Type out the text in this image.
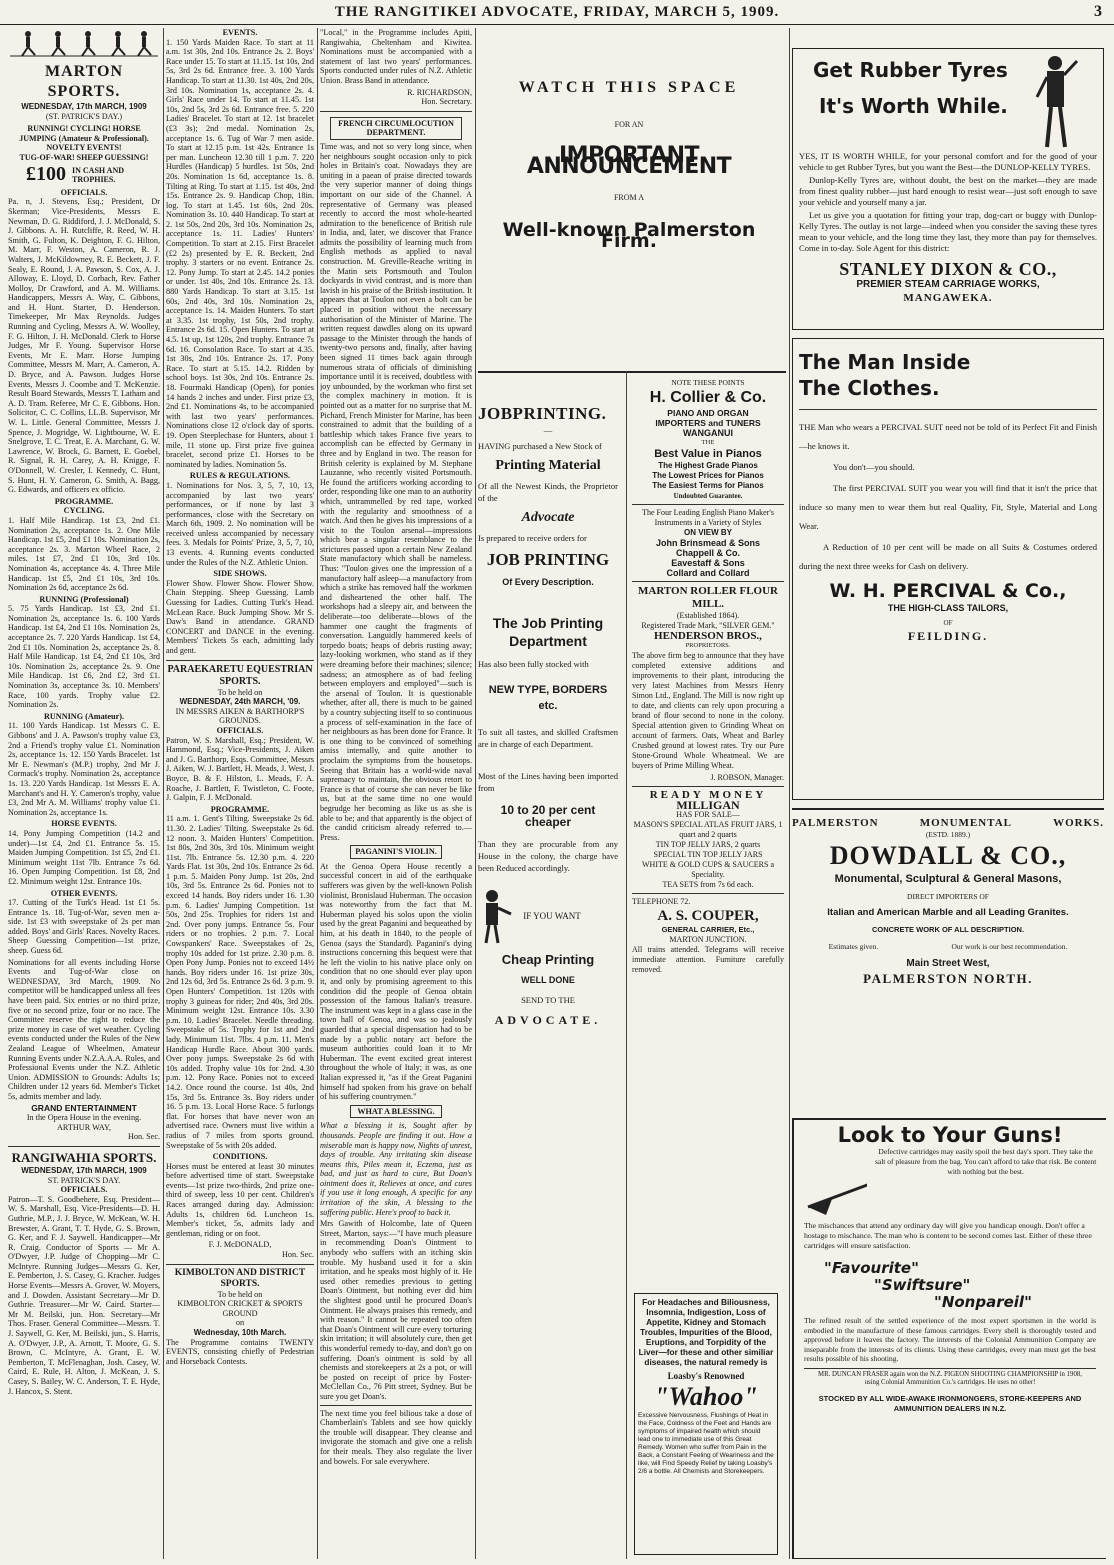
THE RANGITIKEI ADVOCATE, FRIDAY, MARCH 5, 1909.	3
MARTON SPORTS.
WEDNESDAY, 17th MARCH, 1909
(ST. PATRICK'S DAY.)
RUNNING! CYCLING! HORSE JUMPING (Amateur & Professional).
NOVELTY EVENTS!
TUG-OF-WAR! SHEEP GUESSING!
£100 IN CASH AND TROPHIES.
OFFICIALS.

Pa. n, J. Stevens, Esq.; President, Dr Skerman; Vice-Presidents, Messrs E. Newman, D. G. Riddiford, J. J. McDonald, S. J. Gibbons. A. H. Rutcliffe, R. Reed, W. H. Smith, G. Fulton, K. Deighton, F. G. Hilton, M. Marr, F. Weston, A. Cameron, R. J. Walters, J. McKildowney, R. E. Beckett, J. F. Sealy, E. Round, J. A. Pawson, S. Cox, A. J. Alloway, E. Lloyd, D. Corbach, Rev. Father Molloy, Dr Crawford, and A. M. Williams. Handicappers, Messrs A. Way, C. Gibbons, and H. Hunt. Starter, D. Henderson. Timekeeper, Mr Max Reynolds. Judges Running and Cycling, Messrs A. W. Woolley, F. G. Hilton, J. H. McDonald. Clerk to Horse Judges, Mr F. Young. Supervisor Horse Events, Mr E. Marr. Horse Jumping Committee, Messrs M. Marr, A. Cameron, A. D. Bryce, and A. Pawson. Judges Horse Events, Messrs J. Coombe and T. McKenzie. Result Board Stewards, Messrs T. Latham and A. D. Tram. Referee, Mr C. E. Gibbons. Hon. Solicitor, C. C. Collins, LL.B. Supervisor, Mr W. L. Little. General Committee, Messrs J. Spence, J. Mogridge, W. Lightbourne, W. E. Snelgrove, T. C. Treat, E. A. Marchant, G. W. Lawrence, W. Brock, G. Barnett, E. Goebel, R. Signal, R. H. Carey, A. H. Knigge, F. O'Donnell, W. Cresler, I. Kennedy, C. Hunt, S. Hunt, H. Y. Cameron, G. Smith, A. Bagg, G. Edwards, and officers ex officio.

PROGRAMME.
CYCLING.

1. Half Mile Handicap. 1st £3, 2nd £1. Nomination 2s, acceptance 1s. 2. One Mile Handicap. 1st £5, 2nd £1 10s. Nomination 2s, acceptance 2s. 3. Marton Wheel Race, 2 miles. 1st £7, 2nd £1 10s, 3rd 10s. Nomination 4s, acceptance 4s. 4. Three Mile Handicap. 1st £5, 2nd £1 10s, 3rd 10s. Nomination 2s 6d, acceptance 2s 6d.

RUNNING (Professional)

5. 75 Yards Handicap. 1st £3, 2nd £1. Nomination 2s, acceptance 1s. 6. 100 Yards Handicap. 1st £4, 2nd £1 10s. Nomination 2s, acceptance 2s. 7. 220 Yards Handicap. 1st £4, 2nd £1 10s. Nomination 2s, acceptance 2s. 8. Half Mile Handicap. 1st £4, 2nd £1 10s, 3rd 10s. Nomination 2s, acceptance 2s. 9. One Mile Handicap. 1st £6, 2nd £2, 3rd £1. Nomination 3s, acceptance 3s. 10. Members' Race, 100 yards. Trophy value £2. Nomination 2s.

RUNNING (Amateur).

11. 100 Yards Handicap. 1st Messrs C. E. Gibbons' and J. A. Pawson's trophy value £3, 2nd a Friend's trophy value £1. Nomination 2s, acceptance 1s. 12. 150 Yards Bracelet. 1st Mr E. Newman's (M.P.) trophy, 2nd Mr J. Cormack's trophy. Nomination 2s, acceptance 1s. 13. 220 Yards Handicap. 1st Messrs E. A. Marchant's and H. Y. Cameron's trophy, value £3, 2nd Mr A. M. Williams' trophy value £1. Nomination 2s, acceptance 1s.

HORSE EVENTS.

14. Pony Jumping Competition (14.2 and under)—1st £4, 2nd £1. Entrance 5s. 15. Maiden Jumping Competition. 1st £5, 2nd £1. Minimum weight 11st 7lb. Entrance 7s 6d. 16. Open Jumping Competition. 1st £8, 2nd £2. Minimum weight 12st. Entrance 10s.

OTHER EVENTS.

17. Cutting of the Turk's Head. 1st £1 5s. Entrance 1s. 18. Tug-of-War, seven men a-side. 1st £3 with sweepstake of 2s per man added. Boys' and Girls' Races. Novelty Races. Sheep Guessing Competition—1st prize, sheep. Guess 6d.

Nominations for all events including Horse Events and Tug-of-War close on WEDNESDAY, 3rd March, 1909. No competitor will be handicapped unless all fees have been paid. Six entries or no third prize, five or no second prize, four or no race. The Committee reserve the right to reduce the prize money in case of wet weather. Cycling events conducted under the Rules of the New Zealand League of Wheelmen, Amateur Running Events under N.Z.A.A.A. Rules, and Professional Events under the N.Z. Athletic Union. ADMISSION to Grounds: Adults 1s; Children under 12 years 6d. Member's Ticket 5s, admits member and lady.

GRAND ENTERTAINMENT
In the Opera House in the evening.
ARTHUR WAY,
Hon. Sec.
RANGIWAHIA SPORTS.
WEDNESDAY, 17th MARCH, 1909
ST. PATRICK'S DAY.
OFFICIALS.

Patron—T. S. Goodbehere, Esq. President—W. S. Marshall, Esq. Vice-Presidents—D. H. Guthrie, M.P., J. J. Bryce, W. McKean, W. H. Brewster, A. Grant, T. T. Hyde, G. S. Brown, G. Ker, and F. J. Saywell. Handicapper—Mr R. Craig. Conductor of Sports — Mr A. O'Dwyer, J.P. Judge of Chopping—Mr C. McIntyre. Running Judges—Messrs G. Ker, E. Pemberton, J. S. Casey, G. Kracher. Judges Horse Events—Messrs A. Grover, W. Moyers, and J. Dowden. Assistant Secretary—Mr D. Guthrie. Treasurer—Mr W. Caird. Starter—Mr M. Beilski, jun. Hon. Secretary—Mr Thos. Fraser. General Committee—Messrs. T. J. Saywell, G. Ker, M. Beilski, jun., S. Harris, A. O'Dwyer, J.P., A. Arnott, T. Moore, G. S. Brown, C. McIntyre, A. Grant, E. W. Pemberton, T. McFlenaghan, Josh. Casey, W. Caird, E. Rule, H. Alton, J. McKean, J. S. Casey, S. Bailey, W. C. Anderson, T. E. Hyde, J. Hancox, S. Stent.

EVENTS.

1. 150 Yards Maiden Race. To start at 11 a.m. 1st 30s, 2nd 10s. Entrance 2s. 2. Boys' Race under 15. To start at 11.15. 1st 10s, 2nd 5s, 3rd 2s 6d. Entrance free. 3. 100 Yards Handicap. To start at 11.30. 1st 40s, 2nd 20s, 3rd 10s. Nomination 1s, acceptance 2s. 4. Girls' Race under 14. To start at 11.45. 1st 10s, 2nd 5s, 3rd 2s 6d. Entrance free. 5. 220 Ladies' Bracelet. To start at 12. 1st bracelet (£3 3s); 2nd medal. Nomination 2s, acceptance 1s. 6. Tug of War 7 men aside. To start at 12.15 p.m. 1st 42s. Entrance 1s per man. Luncheon 12.30 till 1 p.m. 7. 220 Hurdles (Handicap) 5 hurdles. 1st 50s, 2nd 20s. Nomination 1s 6d, acceptance 1s. 8. Tilting at Ring. To start at 1.15. 1st 40s, 2nd 15s. Entrance 2s. 9. Handicap Chop, 18in. log. To start at 1.45. 1st 60s, 2nd 20s. Nomination 3s. 10. 440 Handicap. To start at 2. 1st 50s, 2nd 20s, 3rd 10s. Nomination 2s, acceptance 1s. 11. Ladies' Hunters' Competition. To start at 2.15. First Bracelet (£2 2s) presented by E. R. Beckett, 2nd trophy. 3 starters or no event. Entrance 2s. 12. Pony Jump. To start at 2.45. 14.2 ponies or under. 1st 40s, 2nd 10s. Entrance 2s. 13. 880 Yards Handicap. To start at 3.15. 1st 60s, 2nd 40s, 3rd 10s. Nomination 2s, acceptance 1s. 14. Maiden Hunters. To start at 3.35. 1st trophy, 1st 50s, 2nd trophy. Entrance 2s 6d. 15. Open Hunters. To start at 4.5. 1st up, 1st 120s, 2nd trophy. Entrance 7s 6d. 16. Consolation Race. To start at 4.35. 1st 30s, 2nd 10s. Entrance 2s. 17. Pony Race. To start at 5.15. 14.2. Ridden by school boys. 1st 30s, 2nd 10s. Entrance 2s. 18. Fourmaki Handicap (Open), for ponies 14 hands 2 inches and under. First prize £3, 2nd £1. Nominations 4s, to be accompanied with last two years' performances. Nominations close 12 o'clock day of sports. 19. Open Steeplechase for Hunters, about 1 mile, 11 stone up. First prize five guinea bracelet, second prize £1. Horses to be nominated by ladies. Nomination 5s.

RULES & REGULATIONS.

1. Nominations for Nos. 3, 5, 7, 10, 13, accompanied by last two years' performances, or if none by last 3 performances, close with the Secretary on March 6th, 1909. 2. No nomination will be received unless accompanied by necessary fees. 3. Medals for Points' Prize, 3, 5, 7, 10, 13 events. 4. Running events conducted under the Rules of the N.Z. Athletic Union.

SIDE SHOWS.

Flower Show. Flower Show. Flower Show. Chain Stepping. Sheep Guessing. Lamb Guessing for Ladies. Cutting Turk's Head. McLean Race. Buck Jumping Show. Mr S. Daw's Band in attendance. GRAND CONCERT and DANCE in the evening. Members' Tickets 5s each, admitting lady and gent.

PARAEKARETU EQUESTRIAN SPORTS.
To be held on
WEDNESDAY, 24th MARCH, '09.
IN MESSRS AIKEN & BARTHORP'S GROUNDS.
OFFICIALS.

Patron, W. S. Marshall, Esq.; President, W. Hammond, Esq.; Vice-Presidents, J. Aiken and J. G. Barthorp, Esqs. Committee, Messrs J. Aiken, W. J. Bartlett, H. Meads, J. West, J. Boyce, B. & F. Hilston, L. Meads, F. A. Roache, J. Bartlett, F. Twistleton, C. Foote, J. Galpin, F. J. McDonald.

PROGRAMME.

11 a.m. 1. Gent's Tilting. Sweepstake 2s 6d. 11.30. 2. Ladies' Tilting. Sweepstake 2s 6d. 12 noon. 3. Maiden Hunters' Competition. 1st 80s, 2nd 30s, 3rd 10s. Minimum weight 11st. 7lb. Entrance 5s. 12.30 p.m. 4. 220 Yards Flat. 1st 30s, 2nd 10s. Entrance 2s 6d. 1 p.m. 5. Maiden Pony Jump. 1st 20s, 2nd 10s, 3rd 5s. Entrance 2s 6d. Ponies not to exceed 14 hands. Boy riders under 16. 1.30 p.m. 6. Ladies' Jumping Competition. 1st 50s, 2nd 25s. Trophies for riders 1st and 2nd. Over pony jumps. Entrance 5s. Four riders or no trophies. 2 p.m. 7. Local Cowspankers' Race. Sweepstakes of 2s, trophy 10s added for 1st prize. 2.30 p.m. 8. Open Pony Jump. Ponies not to exceed 14½ hands. Boy riders under 16. 1st prize 30s, 2nd 12s 6d, 3rd 5s. Entrance 2s 6d. 3 p.m. 9. Open Hunters' Competition. 1st 120s with trophy 3 guineas for rider; 2nd 40s, 3rd 20s. Minimum weight 12st. Entrance 10s. 3.30 p.m. 10. Ladies' Bracelet. Needle threading. Sweepstake of 5s. Trophy for 1st and 2nd lady. Minimum 11st. 7lbs. 4 p.m. 11. Men's Handicap Hurdle Race. About 300 yards. Over pony jumps. Sweepstake 2s 6d with 10s added. Trophy value 10s for 2nd. 4.30 p.m. 12. Pony Race. Ponies not to exceed 14.2. Once round the course. 1st 40s, 2nd 15s, 3rd 5s. Entrance 3s. Boy riders under 16. 5 p.m. 13. Local Horse Race. 5 furlongs flat. For horses that have never won an advertised race. Owners must live within a radius of 7 miles from sports ground. Sweepstake of 5s with 20s added.

CONDITIONS.

Horses must be entered at least 30 minutes before advertised time of start. Sweepstake events—1st prize two-thirds, 2nd prize one-third of sweep, less 10 per cent. Children's Races arranged during day. Admission: Adults 1s, children 6d. Luncheon 1s. Member's ticket, 5s, admits lady and gentleman, riding or on foot.

F. J. McDONALD,
Hon. Sec.
KIMBOLTON AND DISTRICT SPORTS.
To be held on
KIMBOLTON CRICKET & SPORTS GROUND
on
Wednesday, 10th March.

The Programme contains TWENTY EVENTS, consisting chiefly of Pedestrian and Horseback Contests.

"Local," in the Programme includes Apiti, Rangiwahia, Cheltenham and Kiwitea. Nominations must be accompanied with a statement of last two years' performances. Sports conducted under rules of N.Z. Athletic Union. Brass Band in attendance.

R. RICHARDSON,
Hon. Secretary.
FRENCH CIRCUMLOCUTION DEPARTMENT.

Time was, and not so very long since, when her neighbours sought occasion only to pick holes in Britain's coat. Nowadays they are uniting in a paean of praise directed towards the very superior manner of doing things important on our side of the Channel. A representative of Germany was pleased recently to accord the most whole-hearted admiration to the beneficence of British rule in India, and, later, we discover that France admits the possibility of learning much from English methods as applied to naval construction. M. Greville-Reache writing in the Matin sets Portsmouth and Toulon dockyards in vivid contrast, and is more than lavish in his praise of the British institution. It appears that at Toulon not even a bolt can be placed in position without the necessary authorisation of the Minister of Marine. The written request dawdles along on its upward passage to the Minister through the hands of twenty-two persons and, finally, after having been signed 11 times back again through numerous strata of officials of diminishing importance until it is received, doubtless with joy unbounded, by the workman who first set the complex machinery in motion. It is pointed out as a matter for no surprise that M. Pichard, French Minister for Marine, has been constrained to admit that the building of a battleship which takes France five years to accomplish can be effected by Germany in three and by England in two. The reason for British celerity is explained by M. Stephane Lauzanne, who recently visited Portsmouth. He found the artificers working according to order, responding like one man to an authority which, untrammelled by red tape, worked with the regularity and smoothness of a watch. And then he gives his impressions of a visit to the Toulon arsenal—impressions which bear a singular resemblance to the strictures passed upon a certain New Zealand State manufactory which shall be nameless. Thus: "Toulon gives one the impression of a manufactory half asleep—a manufactory from which a strike has removed half the workmen and disheartened the other half. The workshops had a sleepy air, and between the deliberate—too deliberate—blows of the hammer one caught the fragments of conversation. Languidly hammered keels of torpedo boats; heaps of debris rusting away; lazy-looking workmen, who stand as if they were dreaming before their machines; silence; sadness; an atmosphere as of bad feeling between employers and employed"—such is the arsenal of Toulon. It is questionable whether, after all, there is much to be gained by a country subjecting itself to so continuous a process of self-examination in the face of her neighbours as has been done for France. It is one thing to be convinced of something amiss internally, and quite another to proclaim the symptoms from the housetops. Seeing that Britain has a world-wide naval supremacy to maintain, the obvious retort to France is that of course she can never be like us, but at the same time no one would begrudge her becoming as like us as she is able to be; and that apparently is the object of the candid criticism already referred to.—Press.

PAGANINI'S VIOLIN.

At the Genoa Opera House recently a successful concert in aid of the earthquake sufferers was given by the well-known Polish violinist, Bronislaud Huberman. The occasion was noteworthy from the fact that M. Huberman played his solos upon the violin used by the great Paganini and bequeathed by him, at his death in 1840, to the people of Genoa (says the Standard). Paganini's dying instructions concerning this bequest were that he left the violin to his native place only on condition that no one should ever play upon it, and only by promising agreement to this condition did the people of Genoa obtain possession of the famous Italian's treasure. The instrument was kept in a glass case in the town hall of Genoa, and was so jealously guarded that a special dispensation had to be made by a public notary act before the museum authorities could loan it to Mr Huberman. The event excited great interest throughout the whole of Italy; it was, as one Italian expressed it, "as if the Great Paganini himself had spoken from his grave on behalf of his suffering countrymen."

WHAT A BLESSING.

What a blessing it is, Sought after by thousands. People are finding it out. How a miserable man is happy now, Nights of unrest, days of trouble. Any irritating skin disease means this, Piles mean it, Eczema, just as bad, and just as hard to cure, But Doan's ointment does it, Relieves at once, and cures if you use it long enough, A specific for any irritation of the skin, A blessing to the suffering public. Here's proof to back it.

Mrs Gawith of Holcombe, late of Queen Street, Marton, says:—"I have much pleasure in recommending Doan's Ointment to anybody who suffers with an itching skin trouble. My husband used it for a skin irritation, and he speaks most highly of it. He used other remedies previous to getting Doan's Ointment, but nothing ever did him the slightest good until he procured Doan's Ointment. He always praises this remedy, and with reason." It cannot be repeated too often that Doan's Ointment will cure every torturing skin irritation; it will absolutely cure, then get this wonderful remedy to-day, and don't go on suffering. Doan's ointment is sold by all chemists and storekeepers at 2s a pot, or will be posted on receipt of price by Foster-McClellan Co., 76 Pitt street, Sydney. But be sure you get Doan's.

The next time you feel bilious take a dose of Chamberlain's Tablets and see how quickly the trouble will disappear. They cleanse and invigorate the stomach and give one a relish for their meals. They also regulate the liver and bowels. For sale everywhere.

WATCH THIS SPACE
FOR AN
IMPORTANT ANNOUNCEMENT
FROM A
Well-known Palmerston Firm.
JOBPRINTING.
—

HAVING purchased a New Stock of

Printing Material

Of all the Newest Kinds, the Proprietor of the

Advocate

Is prepared to receive orders for

JOB PRINTING
Of Every Description.
The Job Printing Department

Has also been fully stocked with

NEW TYPE, BORDERS etc.

To suit all tastes, and skilled Craftsmen are in charge of each Department.

Most of the Lines having been imported from

10 to 20 per cent cheaper

Than they are procurable from any House in the colony, the charge have been Reduced accordingly.

IF YOU WANT
Cheap Printing
WELL DONE
SEND TO THE
ADVOCATE.
NOTE THESE POINTS
H. Collier & Co.
PIANO AND ORGAN
IMPORTERS and TUNERS
WANGANUI
THE
Best Value in Pianos
The Highest Grade Pianos
The Lowest Prices for Pianos
The Easiest Terms for Pianos
Undoubted Guarantee.
The Four Leading English Piano Maker's Instruments in a Variety of Styles
ON VIEW BY
John Brinsmead & Sons
Chappell & Co.
Eavestaff & Sons
Collard and Collard
MARTON ROLLER FLOUR MILL.
(Established 1864).
Registered Trade Mark, "SILVER GEM."
HENDERSON BROS.,
PROPRIETORS.

The above firm beg to announce that they have completed extensive additions and improvements to their plant, introducing the very latest Machines from Messrs Henry Simon Ltd., England. The Mill is now right up to date, and clients can rely upon procuring a brand of flour second to none in the colony. Special attention given to Grinding Wheat on account of farmers. Oats, Wheat and Barley Crushed ground at lowest rates. Try our Pure Stone-Ground Whole Wheatmeal. We are buyers of Prime Milling Wheat.

J. ROBSON, Manager.
READY MONEY
MILLIGAN
HAS FOR SALE—
MASON'S SPECIAL ATLAS FRUIT JARS, 1 quart and 2 quarts
TIN TOP JELLY JARS, 2 quarts
SPECIAL TIN TOP JELLY JARS
WHITE & GOLD CUPS & SAUCERS a Speciality.
TEA SETS from 7s 6d each.
TELEPHONE 72.
A. S. COUPER,
GENERAL CARRIER, Etc.,
MARTON JUNCTION.

All trains attended. Telegrams will receive immediate attention. Furniture carefully removed.

For Headaches and Biliousness, Insomnia, Indigestion, Loss of Appetite, Kidney and Stomach Troubles, Impurities of the Blood, Eruptions, and Torpidity of the Liver—for these and other similiar diseases, the natural remedy is
Loasby's Renowned
"Wahoo"
Excessive Nervousness, Flushings of Heat in the Face, Coldness of the Feet and Hands are symptoms of impaired health which should lead one to immediate use of this Great Remedy. Women who suffer from Pain in the Back, a Constant Feeling of Weariness and the like, will Find Speedy Relief by taking Loasby's 2/6 a bottle. All Chemists and Storekeepers.
Get Rubber Tyres
It's Worth While.

YES, IT IS WORTH WHILE, for your personal comfort and for the good of your vehicle to get Rubber Tyres, but you want the Best—the DUNLOP-KELLY TYRES.

Dunlop-Kelly Tyres are, without doubt, the best on the market—they are made from finest quality rubber—just hard enough to resist wear—just soft enough to save your vehicle and yourself many a jar.

Let us give you a quotation for fitting your trap, dog-cart or buggy with Dunlop-Kelly Tyres. The outlay is not large—indeed when you consider the saving these tyres mean to your vehicle, and the long time they last, they more than pay for themselves. Come in to-day. Sole Agent for this district:

STANLEY DIXON & CO.,
PREMIER STEAM CARRIAGE WORKS,
MANGAWEKA.
The Man Inside
The Clothes.

THE Man who wears a PERCIVAL SUIT need not be told of its Perfect Fit and Finish—he knows it.

You don't—you should.

The first PERCIVAL SUIT you wear you will find that it isn't the price that induce so many men to wear them but real Quality, Fit, Style, Material and Long Wear.

A Reduction of 10 per cent will be made on all Suits & Costumes ordered during the next three weeks for Cash on delivery.

W. H. PERCIVAL & Co.,
THE HIGH-CLASS TAILORS,
OF
FEILDING.
PALMERSTON	MONUMENTAL	WORKS.
(ESTD. 1889.)
DOWDALL & CO.,
Monumental, Sculptural & General Masons,
DIRECT IMPORTERS OF
Italian and American Marble and all Leading Granites.
CONCRETE WORK OF ALL DESCRIPTION.
Estimates given.	Our work is our best recommendation.
Main Street West,
PALMERSTON NORTH.
Look to Your Guns!
Defective cartridges may easily spoil the best day's sport. They take the salt of pleasure from the bag. You can't afford to take that risk. Be content with nothing but the best.
The mischances that attend any ordinary day will give you handicap enough. Don't offer a hostage to mischance. The man who is content to be second comes last. Either of these three cartridges will ensure satisfaction.
"Favourite"
"Swiftsure"
"Nonpareil"
The refined result of the settled experience of the most expert sportsmen in the world is embodied in the manufacture of these famous cartridges. Every shell is thoroughly tested and approved before it leaves the factory. The interests of the Colonial Ammunition Company are inseparable from the interests of its clients. Using these cartridges, every man must get the best results possible of his shooting.
MR. DUNCAN FRASER again won the N.Z. PIGEON SHOOTING CHAMPIONSHIP in 1908, using Colonial Ammunition Co.'s cartridges. He uses no other!
STOCKED BY ALL WIDE-AWAKE IRONMONGERS, STORE-KEEPERS AND AMMUNITION DEALERS IN N.Z.
